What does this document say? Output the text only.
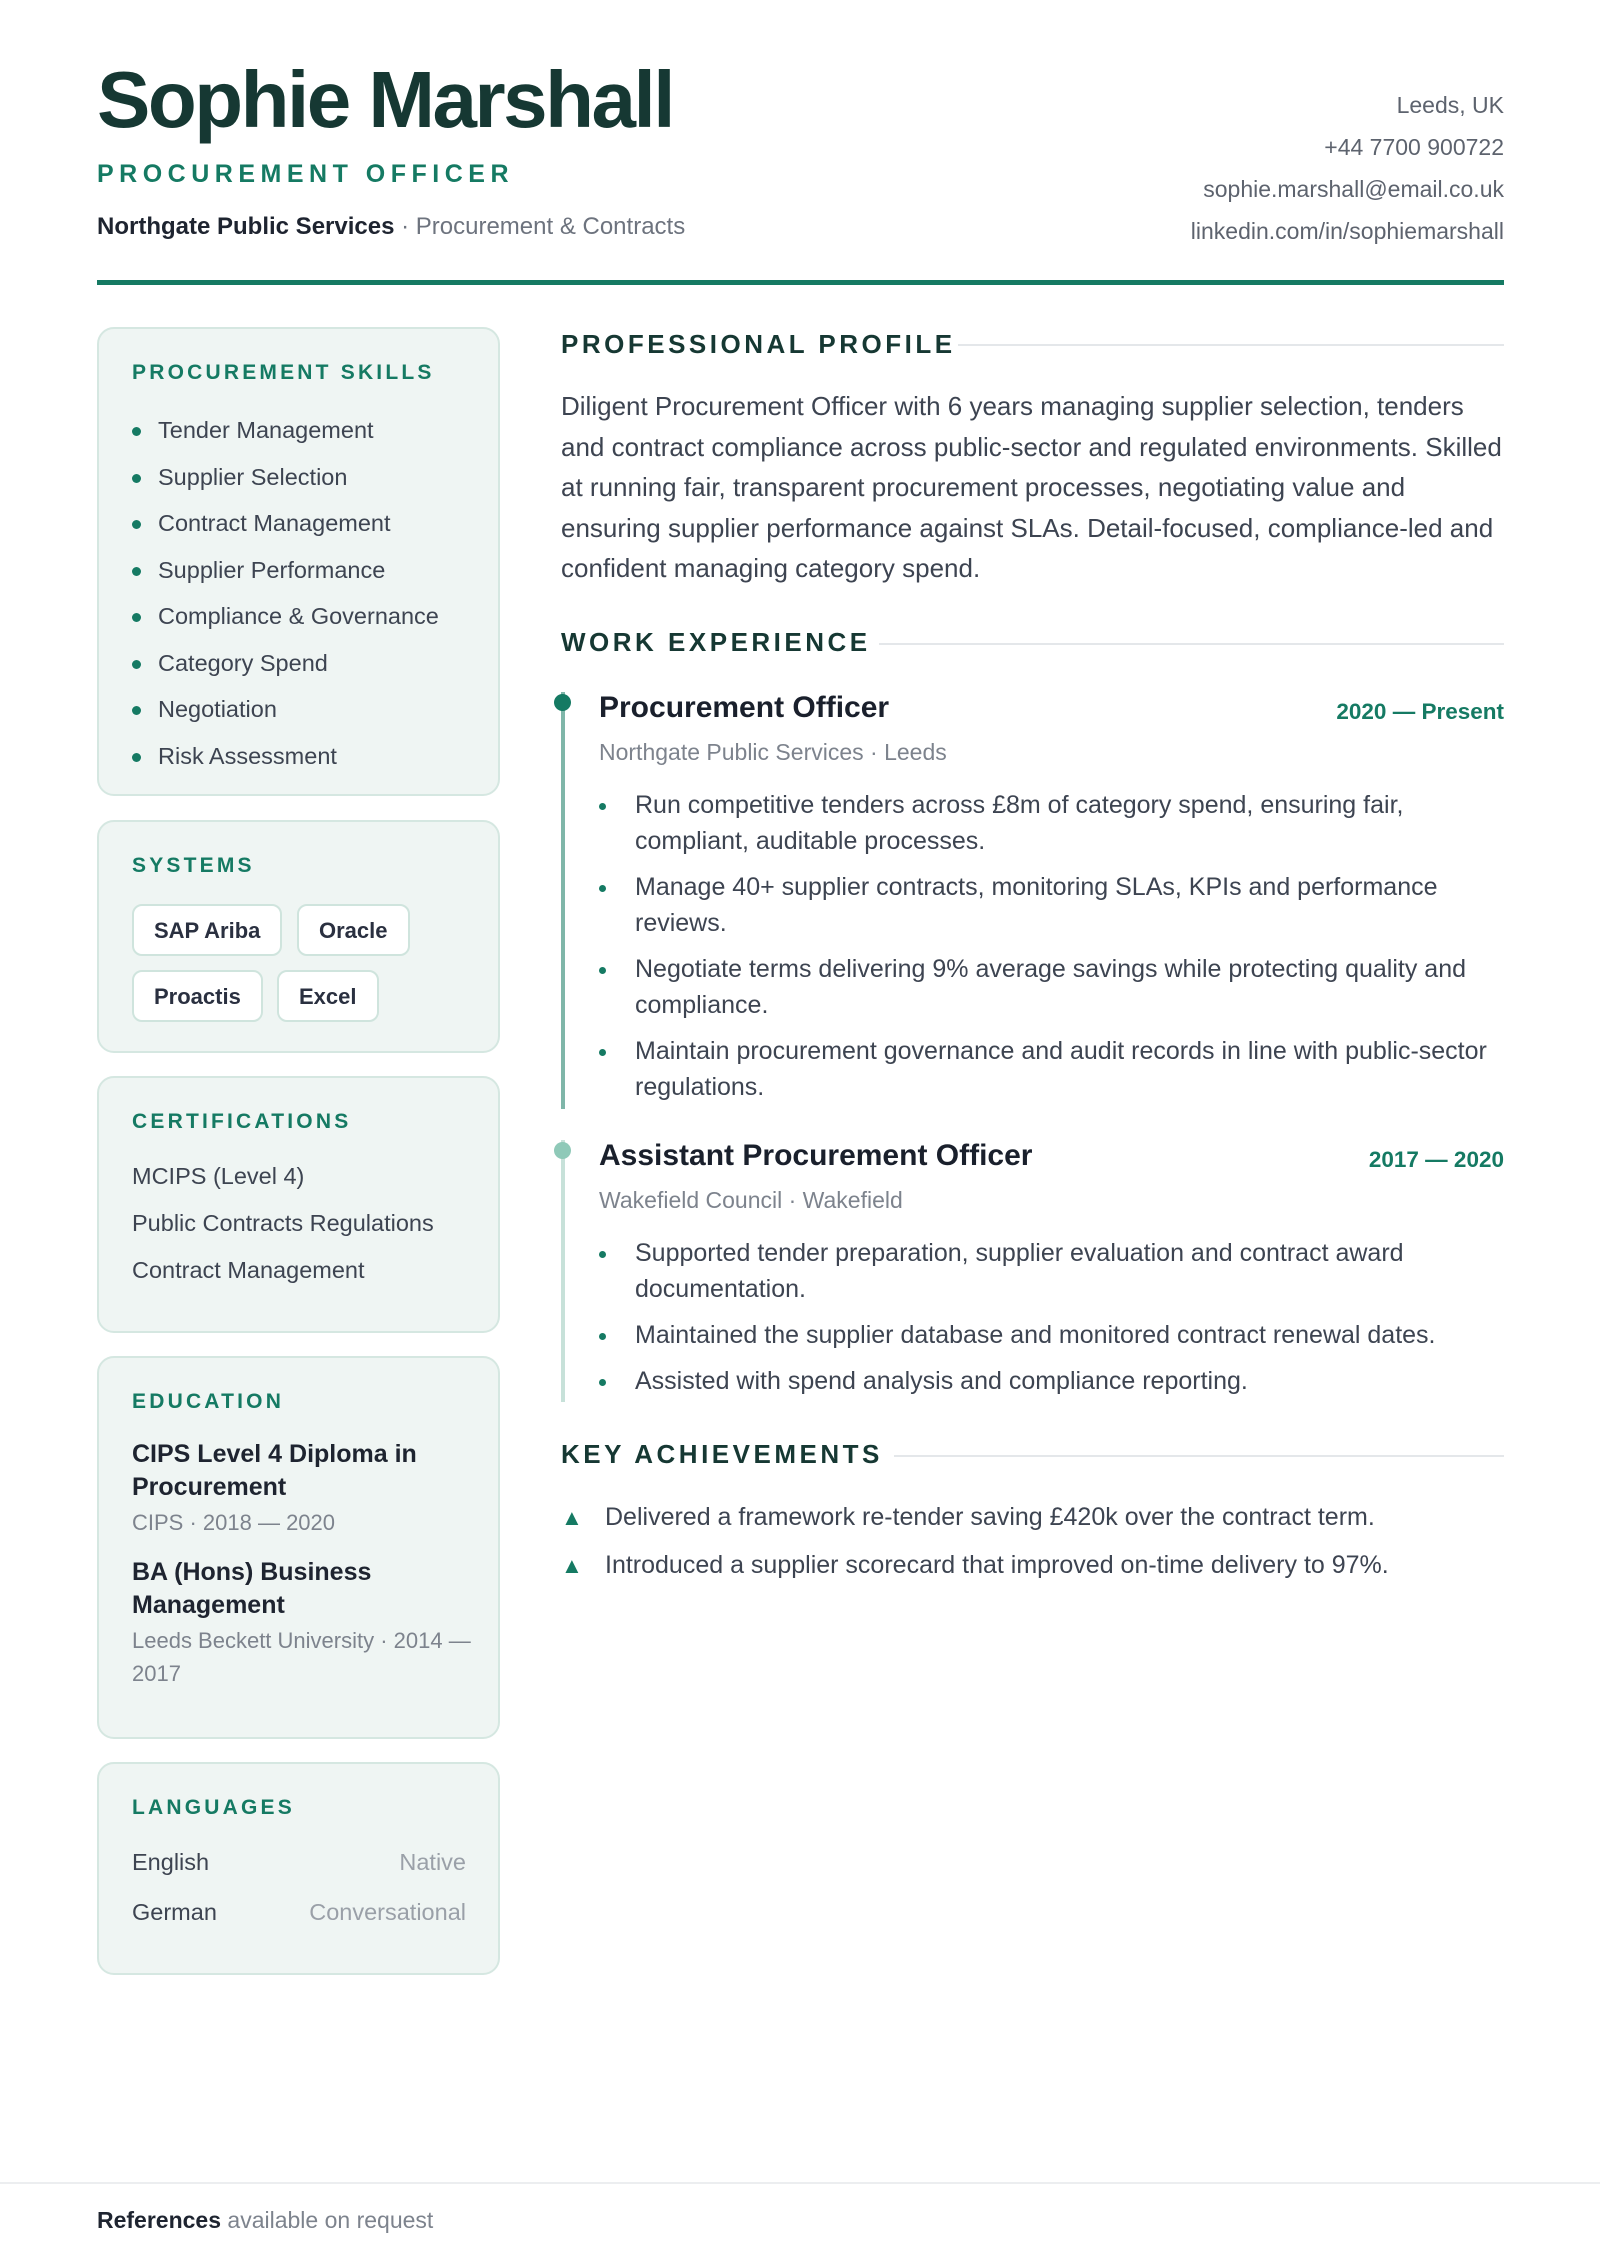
Sophie Marshall
PROCUREMENT OFFICER
Northgate Public Services · Procurement & Contracts
Leeds, UK
+44 7700 900722
sophie.marshall@email.co.uk
linkedin.com/in/sophiemarshall
PROCUREMENT SKILLS
Tender Management
Supplier Selection
Contract Management
Supplier Performance
Compliance & Governance
Category Spend
Negotiation
Risk Assessment
SYSTEMS
SAP Ariba	Oracle
Proactis	Excel
CERTIFICATIONS
MCIPS (Level 4)
Public Contracts Regulations
Contract Management
EDUCATION
CIPS Level 4 Diploma in Procurement
CIPS · 2018 — 2020
BA (Hons) Business Management
Leeds Beckett University · 2014 — 2017
LANGUAGES
English	Native
German	Conversational
PROFESSIONAL PROFILE

Diligent Procurement Officer with 6 years managing supplier selection, tenders and contract compliance across public-sector and regulated environments. Skilled at running fair, transparent procurement processes, negotiating value and ensuring supplier performance against SLAs. Detail-focused, compliance-led and confident managing category spend.

WORK EXPERIENCE
Procurement Officer	2020 — Present
Northgate Public Services · Leeds
Run competitive tenders across £8m of category spend, ensuring fair, compliant, auditable processes.
Manage 40+ supplier contracts, monitoring SLAs, KPIs and performance reviews.
Negotiate terms delivering 9% average savings while protecting quality and compliance.
Maintain procurement governance and audit records in line with public-sector regulations.
Assistant Procurement Officer	2017 — 2020
Wakefield Council · Wakefield
Supported tender preparation, supplier evaluation and contract award documentation.
Maintained the supplier database and monitored contract renewal dates.
Assisted with spend analysis and compliance reporting.
KEY ACHIEVEMENTS
▲ Delivered a framework re-tender saving £420k over the contract term.
▲ Introduced a supplier scorecard that improved on-time delivery to 97%.
References available on request
